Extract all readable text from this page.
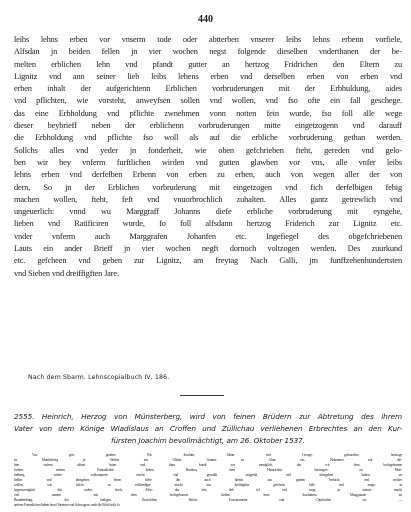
440
leibs lehns erben vor vnserm tode oder abtterben vnserer leibs lehns erbenn vorfiele,
Alfsdan jn beiden fellen jn vier wochen negst folgende dieselben vnderthanen der be-
melten erblichen lehn vnd pfandt gutter an hertzog Fridrichen den Eltern zu
Lignitz vnd ann seiner lieb leibs lehens erben vnd derselben erben von erben vnd
erben inhalt der aufgerichtenn Erblichen vorbruderungen mit der Erbhuldung, aides
vnd pflichten, wie vorsteht, anweyfsen sollen vnd wollen, vnd fso ofte ein fall geschege.
das eine Erbholdung vnd pflichte zwnehmen vonn notten fein wurde, fso foll alle wege
dieser beybrieff neben der erblichenn vorbruderungen mitte eingetzogenn vnd darauff
die Erbholdung vnd pflichte fso woll als auf die erbliche vorbruderung gethan werden.
Sollchs alles vnd yeder jn fonderheit, wie oben gefchrieben fteht, gereden vnd gelo-
ben wir bey vnferm furftlichen wirden vnd gutten glawben vor vns, alle vnfer leibs
lehns erben vnd derfelben Erbenn von erben zu erben, auch von wegen aller der von
dern, So jn der Erblichen vorbruderung mit eingetzogen vnd fich derfelbigen fehig
machen wollen, fteht, feft vnd vnuorbrochlich zuhalten. Alles gantz getrewlich vnd
ungeuerlich: vnnd wu Marggraff Johanns diefe erbliche vorbruderung mit eyngehe,
lieben vnd Ratificiren wurde, fo foll alfsdann hertzog Friderich zur Lignitz etc.
vnder vnferm auch Marggrafen Johanfen etc. Ingefiegel des obgefchriebenen
Lauts ein ander Brieff jn vier wochen negft dornoch voltzogen werden. Des zuurkund
etc. gefcheen vnd geben zur Lignitz, am freytag Nach Galli, jm funffzehenhundertsten
vnd Sieben vnd dreiffigften Jare.
Nach dem Sbarm. Lehnscopialbuch IV, 186.
2555. Heinrich, Herzog von Münsterberg, wird von feinen Brüdern zur Abtretung des ihrem
Vater von dem Könige Wladislaus an Croffen und Züllichau verliehenen Erbrechtes an den Kur-
fürsten Joachim bevollmächtigt, am 26. Oktober 1537.
Von gots gnaden Wir Joachim, Johan vnd George, gebruedere, hertzoge
zu Monfterberg jn Slefien zur Olfsen, Granen zu Glatz etc., Bekennen mit die-
fem vnferm offnen brine vnd thun kundt vor meniglich, das wir dem hochgebornen
furften, vnferm Freuntlichen lieben Brudern, hern Hainrichen, hertzogen zu Mon-
fterberg, vnfere volkommene macht vnd gewaldt aufgefalt vnd übergeben haben, zu
ftellen vnd übergeben feiner liebe die auch hiemit aus guttem bedacht vnd rechter
wiffen, wie folchs zu volftendiger macht am krefftigften gefcheen folle vnd mage, in
kegenwertigkeit dits unfers briefs, Alfso das fein lieb fol vnd mag jn anferer macht
vnd namen mit dem hochgebornen furften, hern Joachimen, Marggrauen zu
Brandemburg, des heiligen Romifchen Reichs Ertzcammerer vnd Churfurften etc. —
anferm Freuntlichen lieben hern Oheimen vnd Schwagern, umb die Erbfchafft, fo
